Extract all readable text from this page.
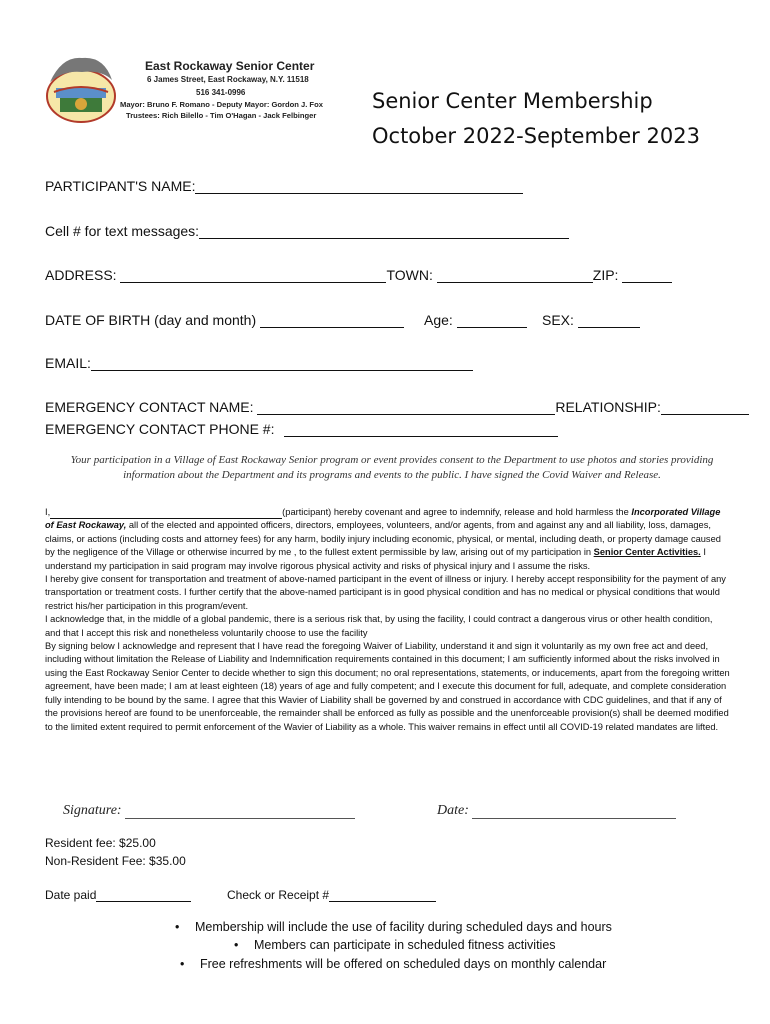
East Rockaway Senior Center
6 James Street, East Rockaway, N.Y. 11518
516 341-0996
Mayor: Bruno F. Romano - Deputy Mayor: Gordon J. Fox
Trustees: Rich Bilello - Tim O'Hagan - Jack Felbinger
Senior Center Membership
October 2022-September 2023
PARTICIPANT'S NAME:
Cell # for text messages:
ADDRESS:	TOWN:	ZIP:
DATE OF BIRTH (day and month)	Age:	SEX:
EMAIL:
EMERGENCY CONTACT NAME:	RELATIONSHIP:
EMERGENCY CONTACT PHONE #:
Your participation in a Village of East Rockaway Senior program or event provides consent to the Department to use photos and stories providing information about the Department and its programs and events to the public. I have signed the Covid Waiver and Release.

I,	(participant) hereby covenant and agree to indemnify, release and hold harmless the Incorporated Village of East Rockaway, all of the elected and appointed officers, directors, employees, volunteers, and/or agents, from and against any and all liability, loss, damages, claims, or actions (including costs and attorney fees) for any harm, bodily injury including economic, physical, or mental, including death, or property damage caused by the negligence of the Village or otherwise incurred by me , to the fullest extent permissible by law, arising out of my participation in Senior Center Activities. I understand my participation in said program may involve rigorous physical activity and risks of physical injury and I assume the risks.

I hereby give consent for transportation and treatment of above-named participant in the event of illness or injury. I hereby accept responsibility for the payment of any transportation or treatment costs. I further certify that the above-named participant is in good physical condition and has no medical or physical conditions that would restrict his/her participation in this program/event.

I acknowledge that, in the middle of a global pandemic, there is a serious risk that, by using the facility, I could contract a dangerous virus or other health condition, and that I accept this risk and nonetheless voluntarily choose to use the facility

By signing below I acknowledge and represent that I have read the foregoing Waiver of Liability, understand it and sign it voluntarily as my own free act and deed, including without limitation the Release of Liability and Indemnification requirements contained in this document; I am sufficiently informed about the risks involved in using the East Rockaway Senior Center to decide whether to sign this document; no oral representations, statements, or inducements, apart from the foregoing written agreement, have been made; I am at least eighteen (18) years of age and fully competent; and I execute this document for full, adequate, and complete consideration fully intending to be bound by the same. I agree that this Wavier of Liability shall be governed by and construed in accordance with CDC guidelines, and that if any of the provisions hereof are found to be unenforceable, the remainder shall be enforced as fully as possible and the unenforceable provision(s) shall be deemed modified to the limited extent required to permit enforcement of the Wavier of Liability as a whole. This waiver remains in effect until all COVID-19 related mandates are lifted.

Signature:	Date:
Resident fee: $25.00
Non-Resident Fee: $35.00
Date paid	Check or Receipt #
• Membership will include the use of facility during scheduled days and hours
• Members can participate in scheduled fitness activities
• Free refreshments will be offered on scheduled days on monthly calendar
